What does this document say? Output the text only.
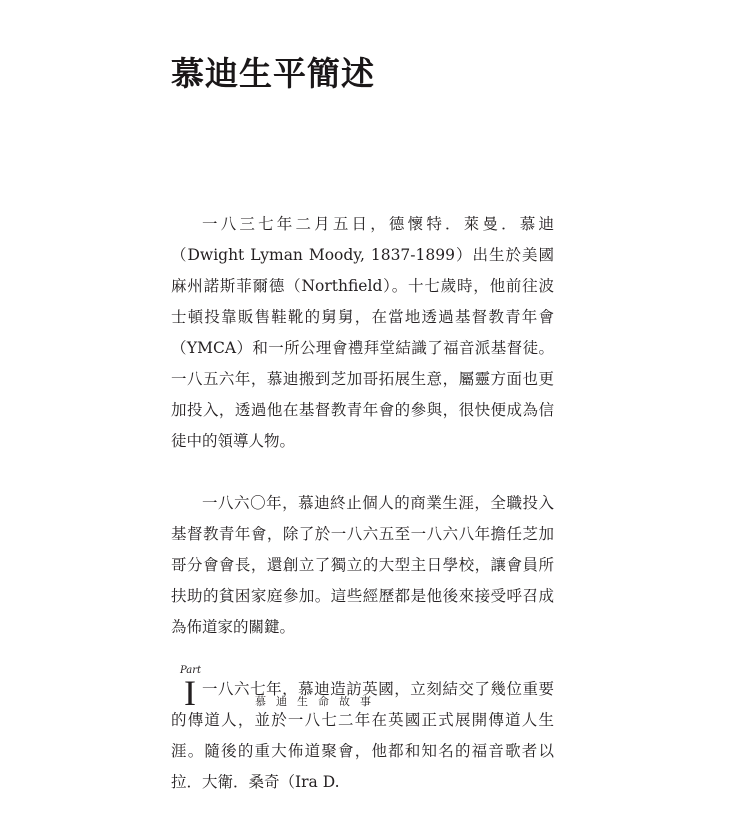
慕迪生平簡述

一八三七年二月五日，德懷特．萊曼．慕迪（Dwight Lyman Moody, 1837-1899）出生於美國麻州諾斯菲爾德（Northfield）。十七歲時，他前往波士頓投靠販售鞋靴的舅舅，在當地透過基督教青年會（YMCA）和一所公理會禮拜堂結識了福音派基督徒。一八五六年，慕迪搬到芝加哥拓展生意，屬靈方面也更加投入，透過他在基督教青年會的參與，很快便成為信徒中的領導人物。

一八六〇年，慕迪終止個人的商業生涯，全職投入基督教青年會，除了於一八六五至一八六八年擔任芝加哥分會會長，還創立了獨立的大型主日學校，讓會員所扶助的貧困家庭參加。這些經歷都是他後來接受呼召成為佈道家的關鍵。

一八六七年，慕迪造訪英國，立刻結交了幾位重要的傳道人，並於一八七二年在英國正式展開傳道人生涯。隨後的重大佈道聚會，他都和知名的福音歌者以拉．大衛．桑奇（Ira D.

Part
I	慕迪生命故事
